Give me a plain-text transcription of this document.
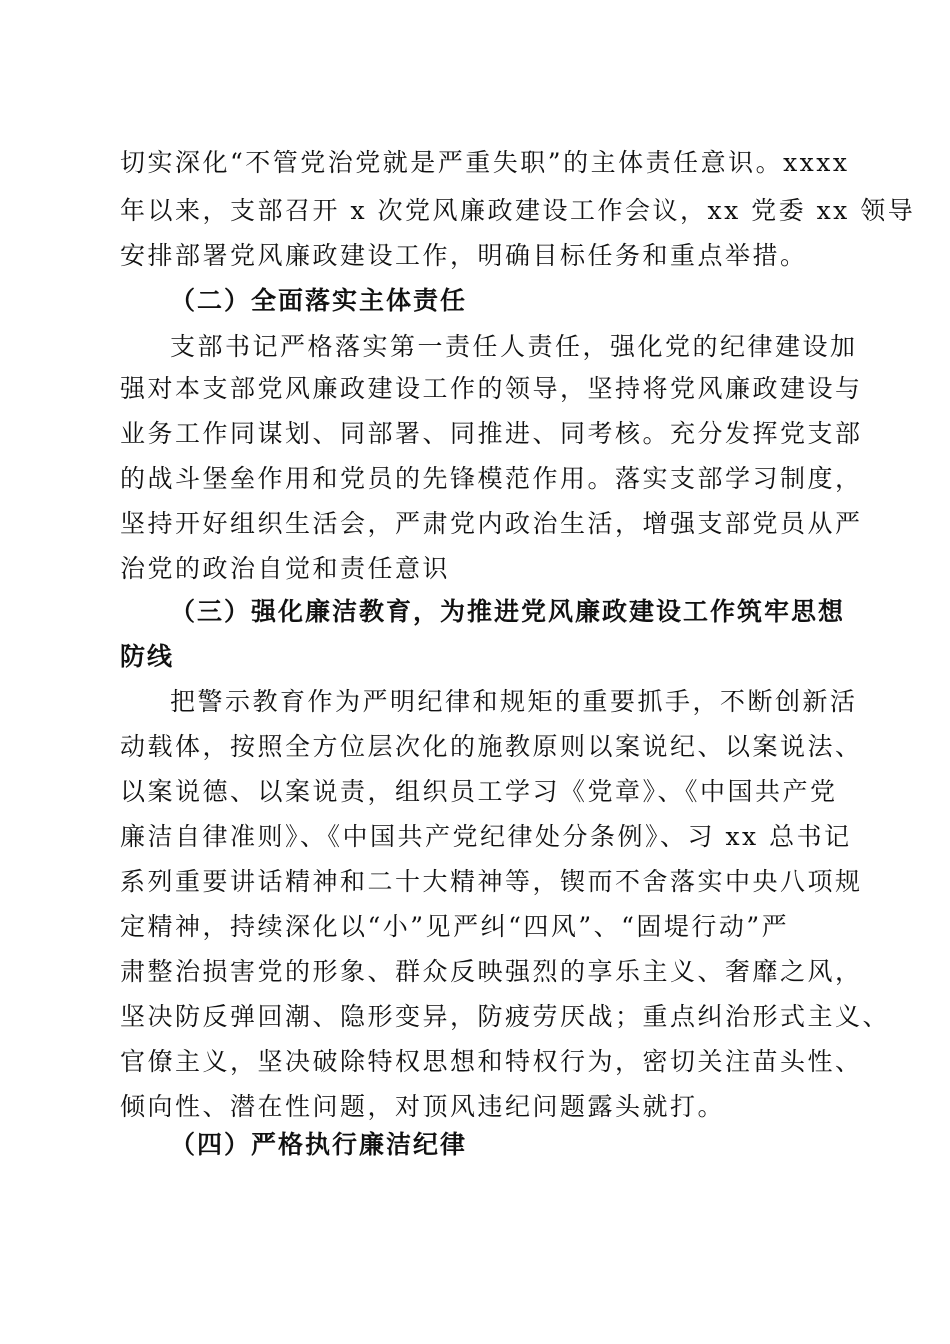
切实深化“不管党治党就是严重失职”的主体责任意识。xxxx
年以来，支部召开 x 次党风廉政建设工作会议，xx 党委 xx 领导
安排部署党风廉政建设工作，明确目标任务和重点举措。
（二）全面落实主体责任
支部书记严格落实第一责任人责任，强化党的纪律建设加
强对本支部党风廉政建设工作的领导，坚持将党风廉政建设与
业务工作同谋划、同部署、同推进、同考核。充分发挥党支部
的战斗堡垒作用和党员的先锋模范作用。落实支部学习制度，
坚持开好组织生活会，严肃党内政治生活，增强支部党员从严
治党的政治自觉和责任意识
（三）强化廉洁教育，为推进党风廉政建设工作筑牢思想
防线
把警示教育作为严明纪律和规矩的重要抓手，不断创新活
动载体，按照全方位层次化的施教原则以案说纪、以案说法、
以案说德、以案说责，组织员工学习《党章》、《中国共产党
廉洁自律准则》、《中国共产党纪律处分条例》、习 xx 总书记
系列重要讲话精神和二十大精神等，锲而不舍落实中央八项规
定精神，持续深化以“小”见严纠“四风”、“固堤行动”严
肃整治损害党的形象、群众反映强烈的享乐主义、奢靡之风，
坚决防反弹回潮、隐形变异，防疲劳厌战；重点纠治形式主义、
官僚主义，坚决破除特权思想和特权行为，密切关注苗头性、
倾向性、潜在性问题，对顶风违纪问题露头就打。
（四）严格执行廉洁纪律
